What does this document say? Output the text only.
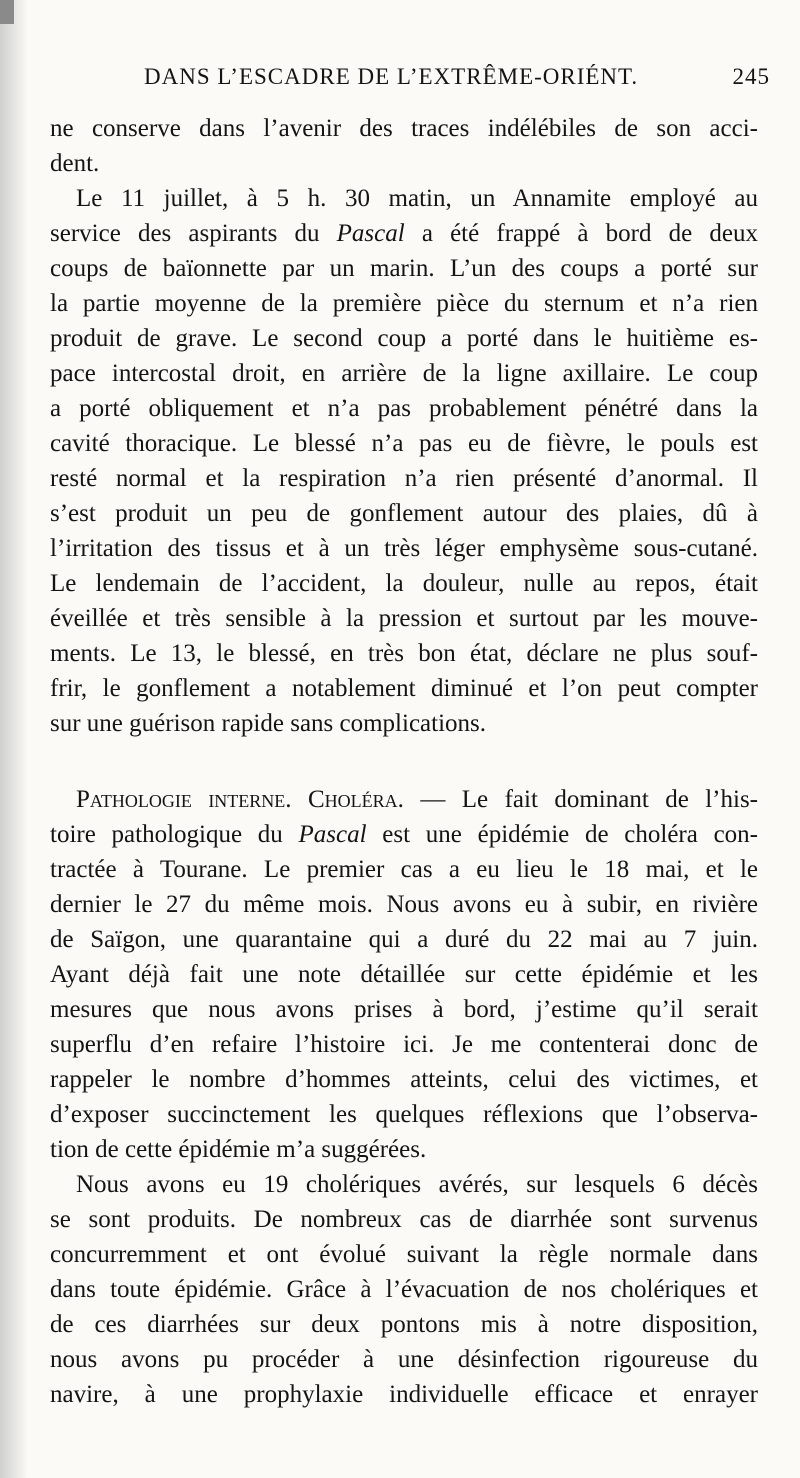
DANS L’ESCADRE DE L’EXTRÊME-ORIÉNT.	245
ne conserve dans l’avenir des traces indélébiles de son acci-
dent.
Le 11 juillet, à 5 h. 30 matin, un Annamite employé au
service des aspirants du Pascal a été frappé à bord de deux
coups de baïonnette par un marin. L’un des coups a porté sur
la partie moyenne de la première pièce du sternum et n’a rien
produit de grave. Le second coup a porté dans le huitième es-
pace intercostal droit, en arrière de la ligne axillaire. Le coup
a porté obliquement et n’a pas probablement pénétré dans la
cavité thoracique. Le blessé n’a pas eu de fièvre, le pouls est
resté normal et la respiration n’a rien présenté d’anormal. Il
s’est produit un peu de gonflement autour des plaies, dû à
l’irritation des tissus et à un très léger emphysème sous-cutané.
Le lendemain de l’accident, la douleur, nulle au repos, était
éveillée et très sensible à la pression et surtout par les mouve-
ments. Le 13, le blessé, en très bon état, déclare ne plus souf-
frir, le gonflement a notablement diminué et l’on peut compter
sur une guérison rapide sans complications.
Pathologie interne. Choléra. — Le fait dominant de l’his-
toire pathologique du Pascal est une épidémie de choléra con-
tractée à Tourane. Le premier cas a eu lieu le 18 mai, et le
dernier le 27 du même mois. Nous avons eu à subir, en rivière
de Saïgon, une quarantaine qui a duré du 22 mai au 7 juin.
Ayant déjà fait une note détaillée sur cette épidémie et les
mesures que nous avons prises à bord, j’estime qu’il serait
superflu d’en refaire l’histoire ici. Je me contenterai donc de
rappeler le nombre d’hommes atteints, celui des victimes, et
d’exposer succinctement les quelques réflexions que l’observa-
tion de cette épidémie m’a suggérées.
Nous avons eu 19 cholériques avérés, sur lesquels 6 décès
se sont produits. De nombreux cas de diarrhée sont survenus
concurremment et ont évolué suivant la règle normale dans
dans toute épidémie. Grâce à l’évacuation de nos cholériques et
de ces diarrhées sur deux pontons mis à notre disposition,
nous avons pu procéder à une désinfection rigoureuse du
navire, à une prophylaxie individuelle efficace et enrayer
